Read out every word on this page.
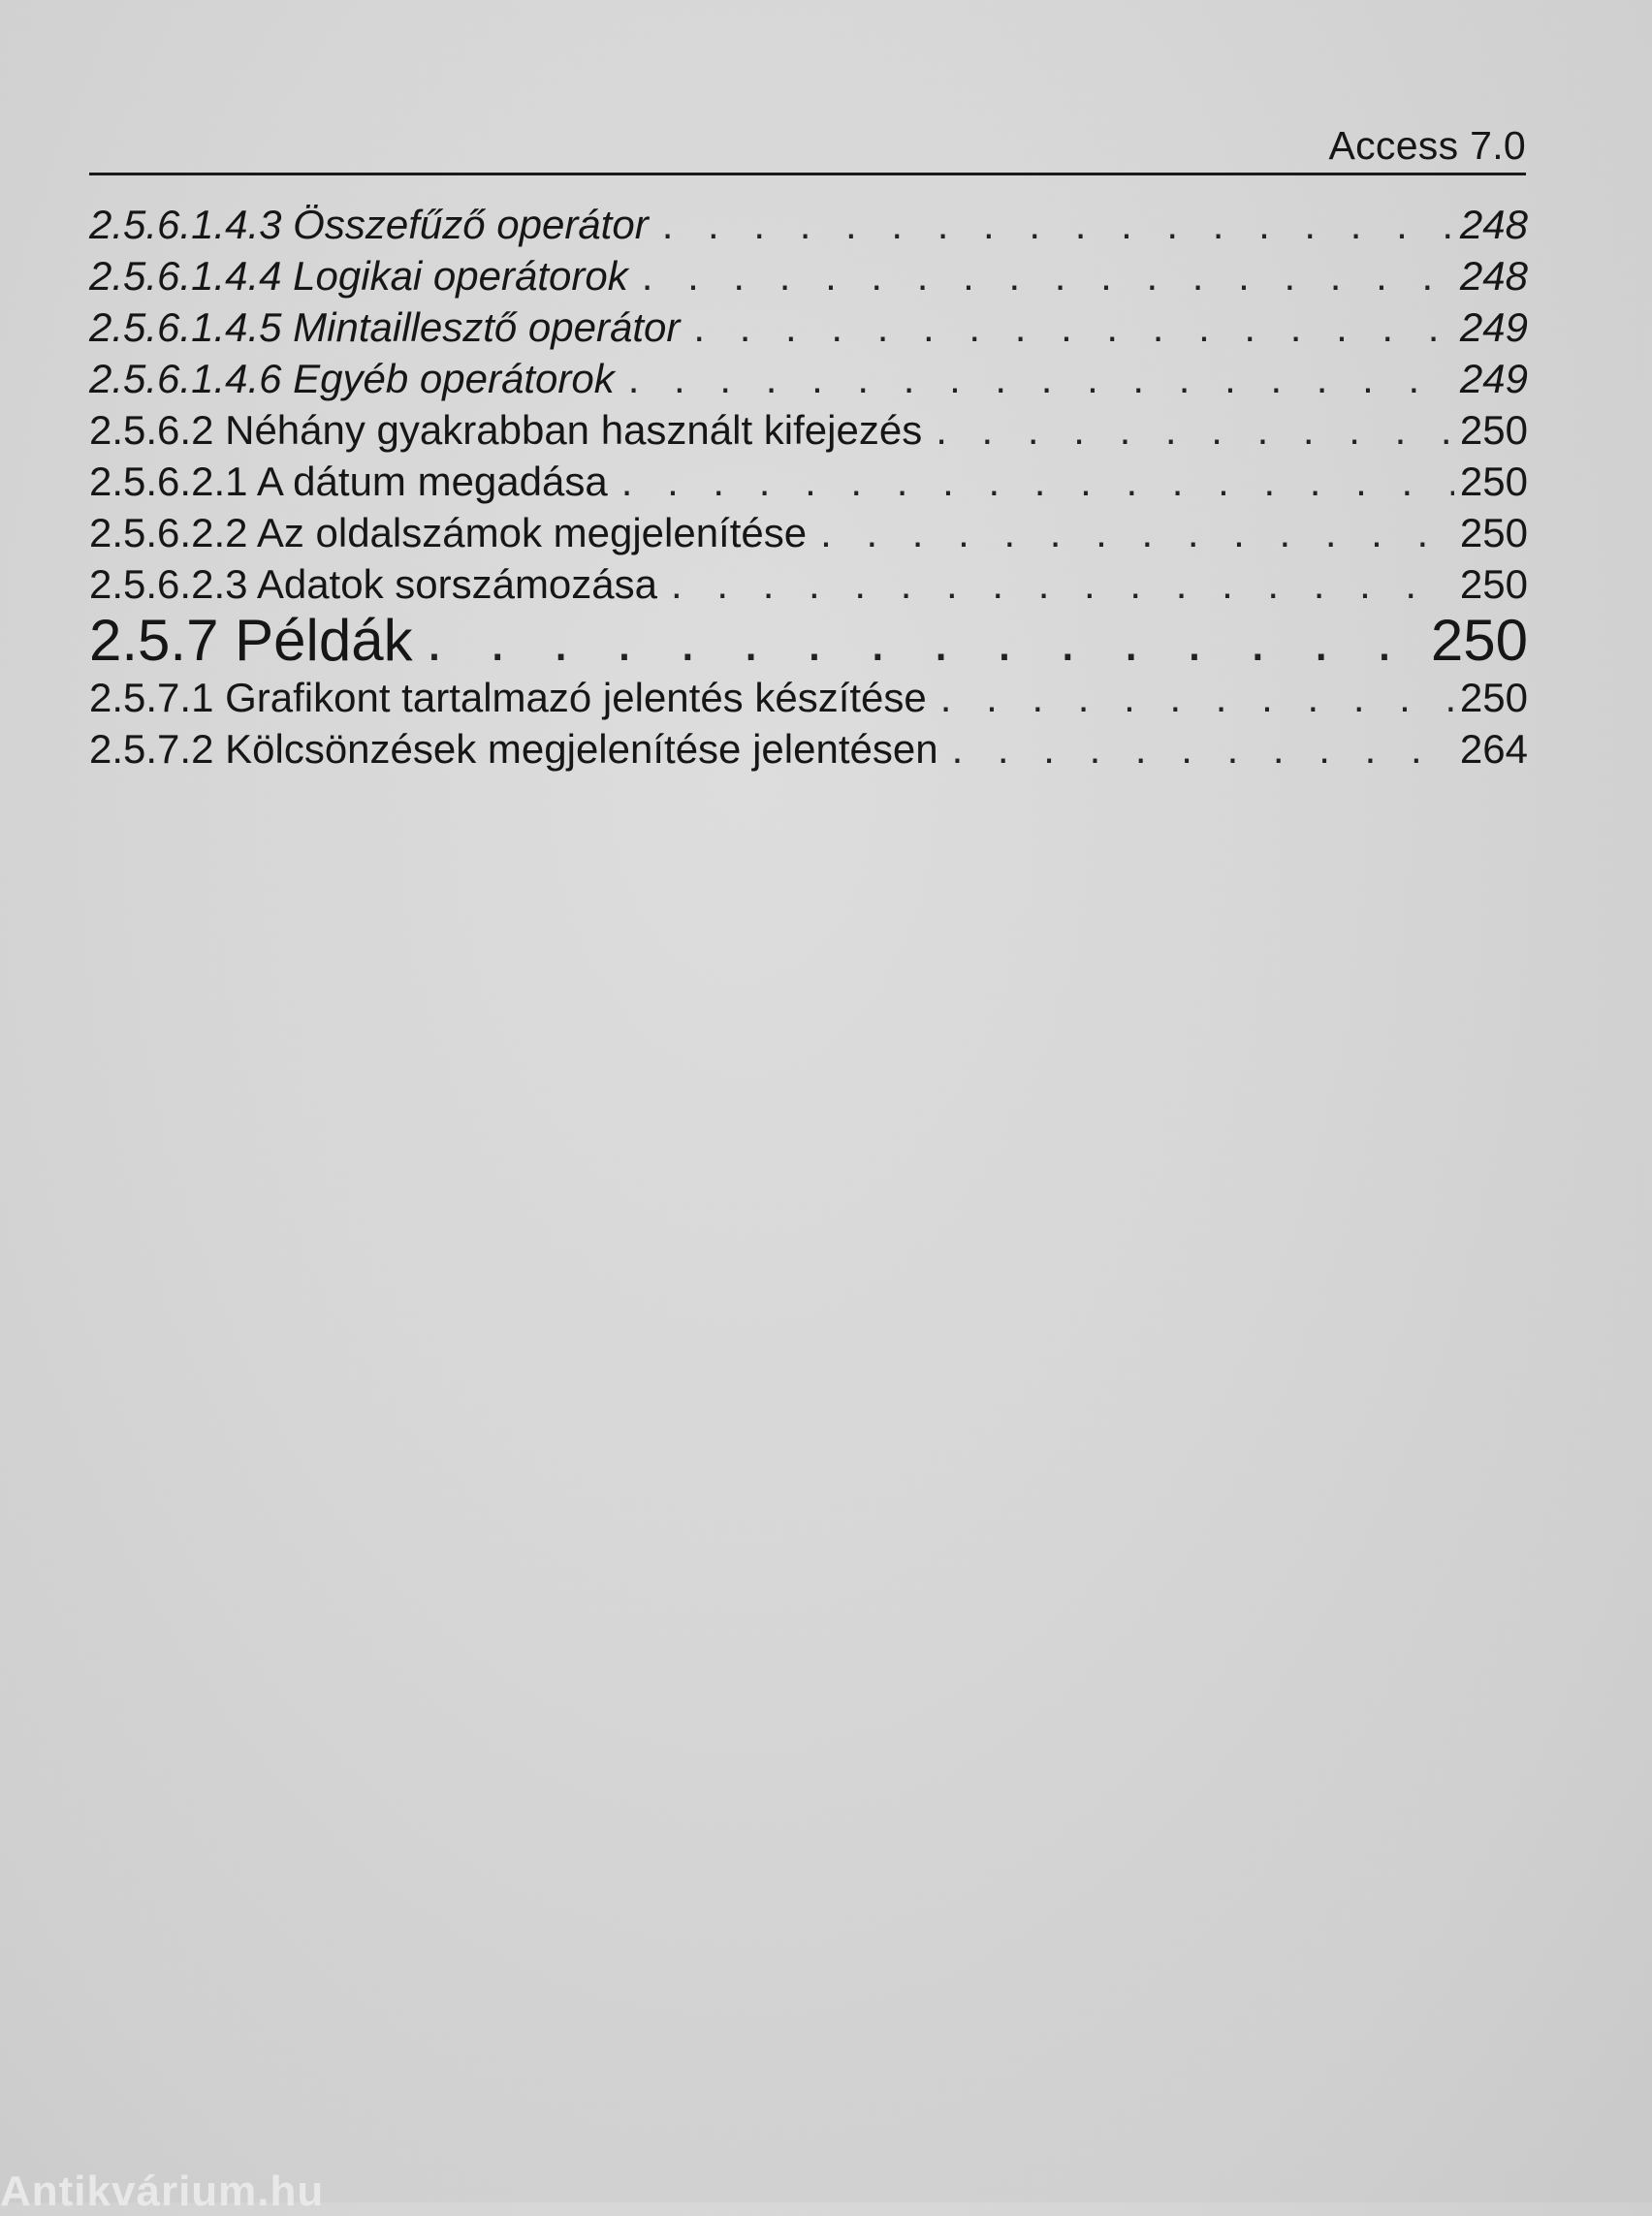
Access 7.0
2.5.6.1.4.3 Összefűző operátor . . .	248
2.5.6.1.4.4 Logikai operátorok . . .	248
2.5.6.1.4.5 Mintaillesztő operátor . . .	249
2.5.6.1.4.6 Egyéb operátorok . . .	249
2.5.6.2 Néhány gyakrabban használt kifejezés . . .	250
2.5.6.2.1 A dátum megadása . . .	250
2.5.6.2.2 Az oldalszámok megjelenítése . . .	250
2.5.6.2.3 Adatok sorszámozása . . .	250
2.5.7 Példák . . .	250
2.5.7.1 Grafikont tartalmazó jelentés készítése . . .	250
2.5.7.2 Kölcsönzések megjelenítése jelentésen . . .	264
Antikvárium.hu
